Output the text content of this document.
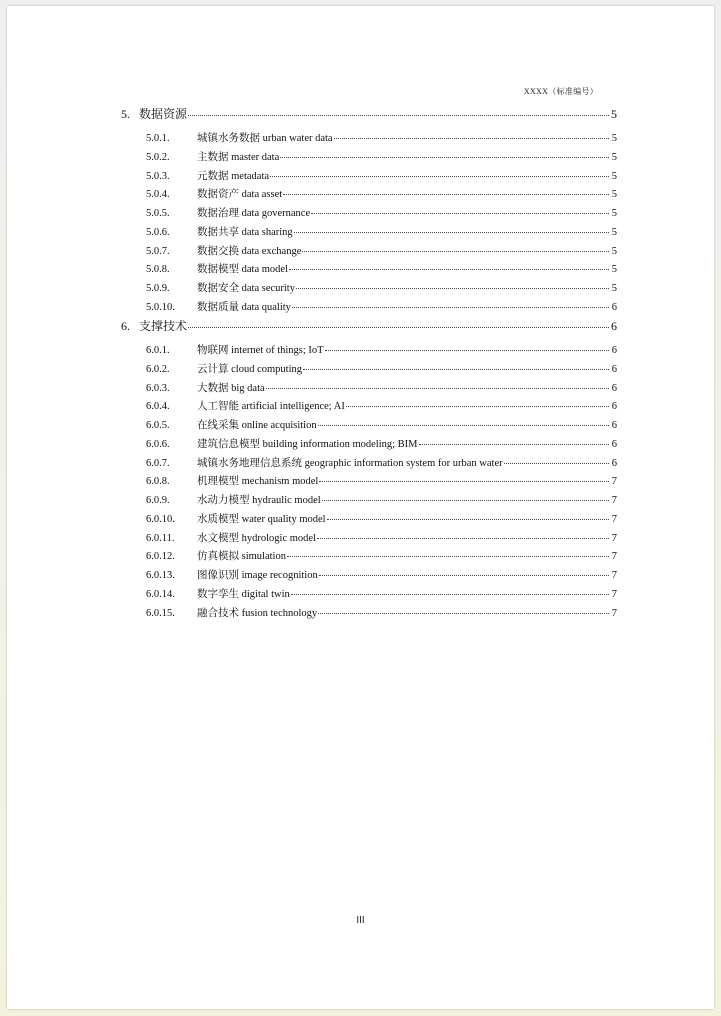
XXXX（标准编号）
5. 数据资源	5
5.0.1.	城镇水务数据 urban water data	5
5.0.2.	主数据 master data	5
5.0.3.	元数据 metadata	5
5.0.4.	数据资产 data asset	5
5.0.5.	数据治理 data governance	5
5.0.6.	数据共享 data sharing	5
5.0.7.	数据交换 data exchange	5
5.0.8.	数据模型 data model	5
5.0.9.	数据安全 data security	5
5.0.10.	数据质量 data quality	6
6. 支撑技术	6
6.0.1.	物联网 internet of things; IoT	6
6.0.2.	云计算 cloud computing	6
6.0.3.	大数据 big data	6
6.0.4.	人工智能 artificial intelligence; AI	6
6.0.5.	在线采集 online acquisition	6
6.0.6.	建筑信息模型 building information modeling; BIM	6
6.0.7.	城镇水务地理信息系统 geographic information system for urban water	6
6.0.8.	机理模型 mechanism model	7
6.0.9.	水动力模型 hydraulic model	7
6.0.10.	水质模型 water quality model	7
6.0.11.	水文模型 hydrologic model	7
6.0.12.	仿真模拟 simulation	7
6.0.13.	图像识别 image recognition	7
6.0.14.	数字孪生 digital twin	7
6.0.15.	融合技术 fusion technology	7
III
